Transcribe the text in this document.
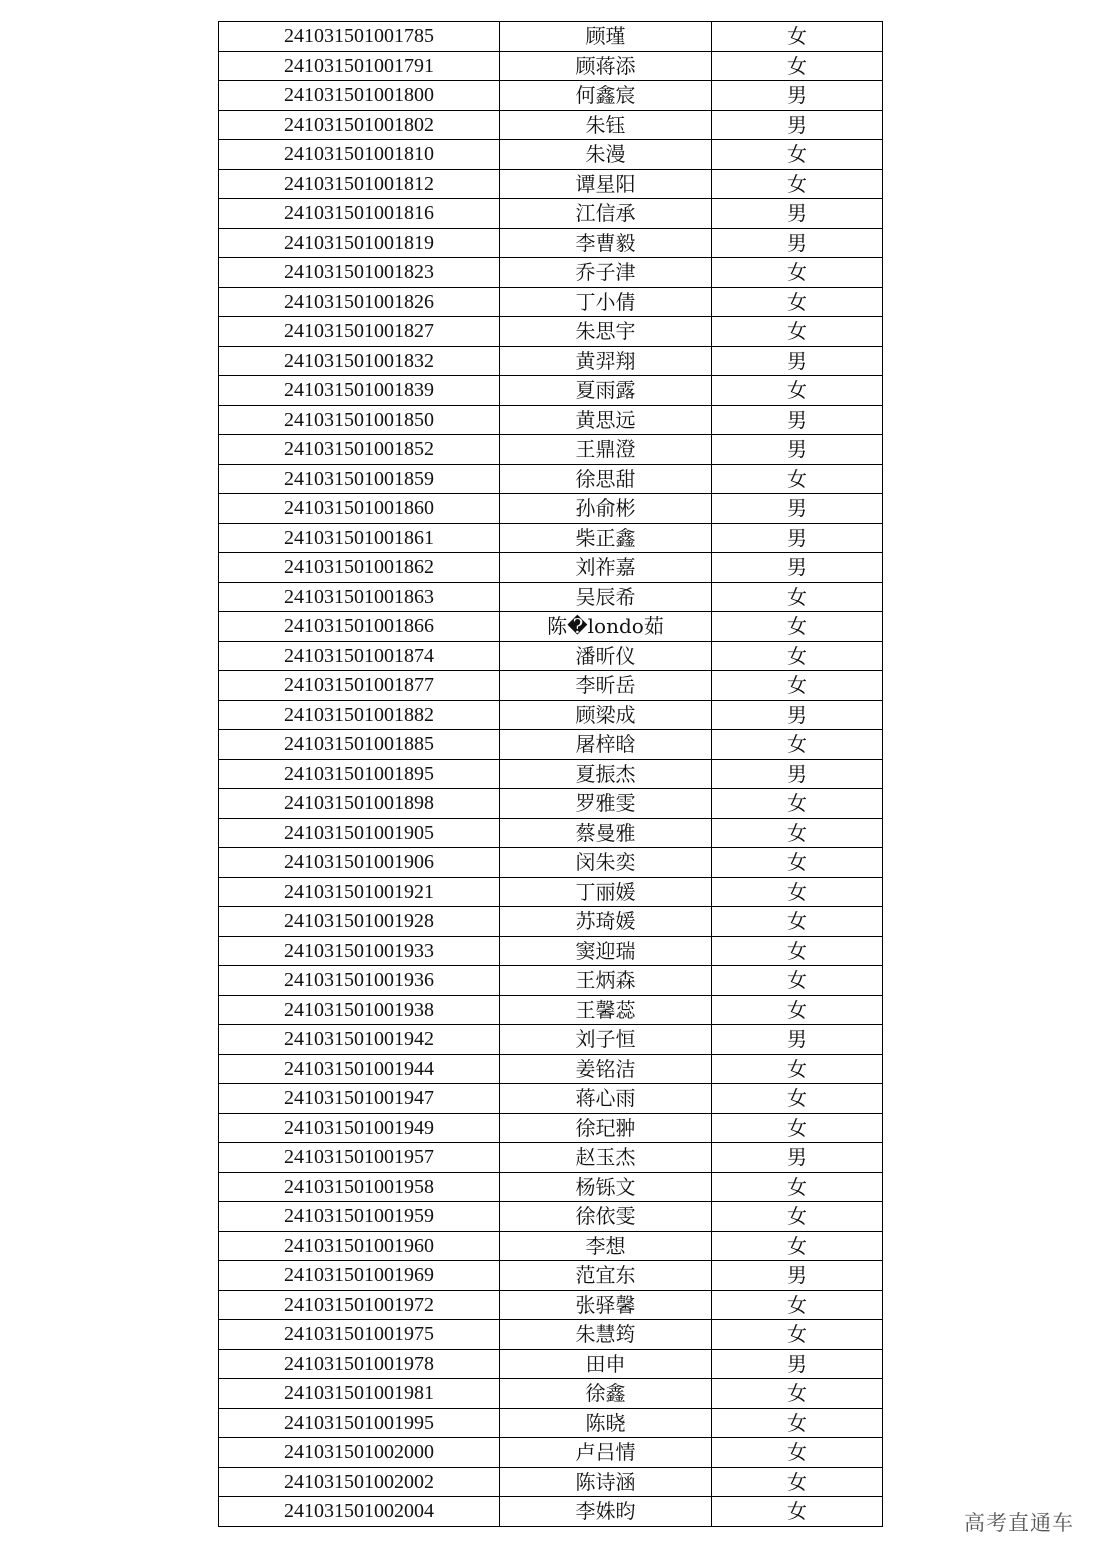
241031501001785	顾瑾	女
241031501001791	顾蒋添	女
241031501001800	何鑫宸	男
241031501001802	朱钰	男
241031501001810	朱漫	女
241031501001812	谭星阳	女
241031501001816	江信承	男
241031501001819	李曹毅	男
241031501001823	乔子津	女
241031501001826	丁小倩	女
241031501001827	朱思宇	女
241031501001832	黄羿翔	男
241031501001839	夏雨露	女
241031501001850	黄思远	男
241031501001852	王鼎澄	男
241031501001859	徐思甜	女
241031501001860	孙俞彬	男
241031501001861	柴正鑫	男
241031501001862	刘祚嘉	男
241031501001863	吴辰希	女
241031501001866	陈�londo茹	女
241031501001874	潘昕仪	女
241031501001877	李昕岳	女
241031501001882	顾梁成	男
241031501001885	屠梓晗	女
241031501001895	夏振杰	男
241031501001898	罗雅雯	女
241031501001905	蔡曼雅	女
241031501001906	闵朱奕	女
241031501001921	丁丽媛	女
241031501001928	苏琦媛	女
241031501001933	窦迎瑞	女
241031501001936	王炳森	女
241031501001938	王馨蕊	女
241031501001942	刘子恒	男
241031501001944	姜铭洁	女
241031501001947	蒋心雨	女
241031501001949	徐玘翀	女
241031501001957	赵玉杰	男
241031501001958	杨铄文	女
241031501001959	徐依雯	女
241031501001960	李想	女
241031501001969	范宜东	男
241031501001972	张驿馨	女
241031501001975	朱慧筠	女
241031501001978	田申	男
241031501001981	徐鑫	女
241031501001995	陈晓	女
241031501002000	卢吕情	女
241031501002002	陈诗涵	女
241031501002004	李姝昀	女	高考直通车
